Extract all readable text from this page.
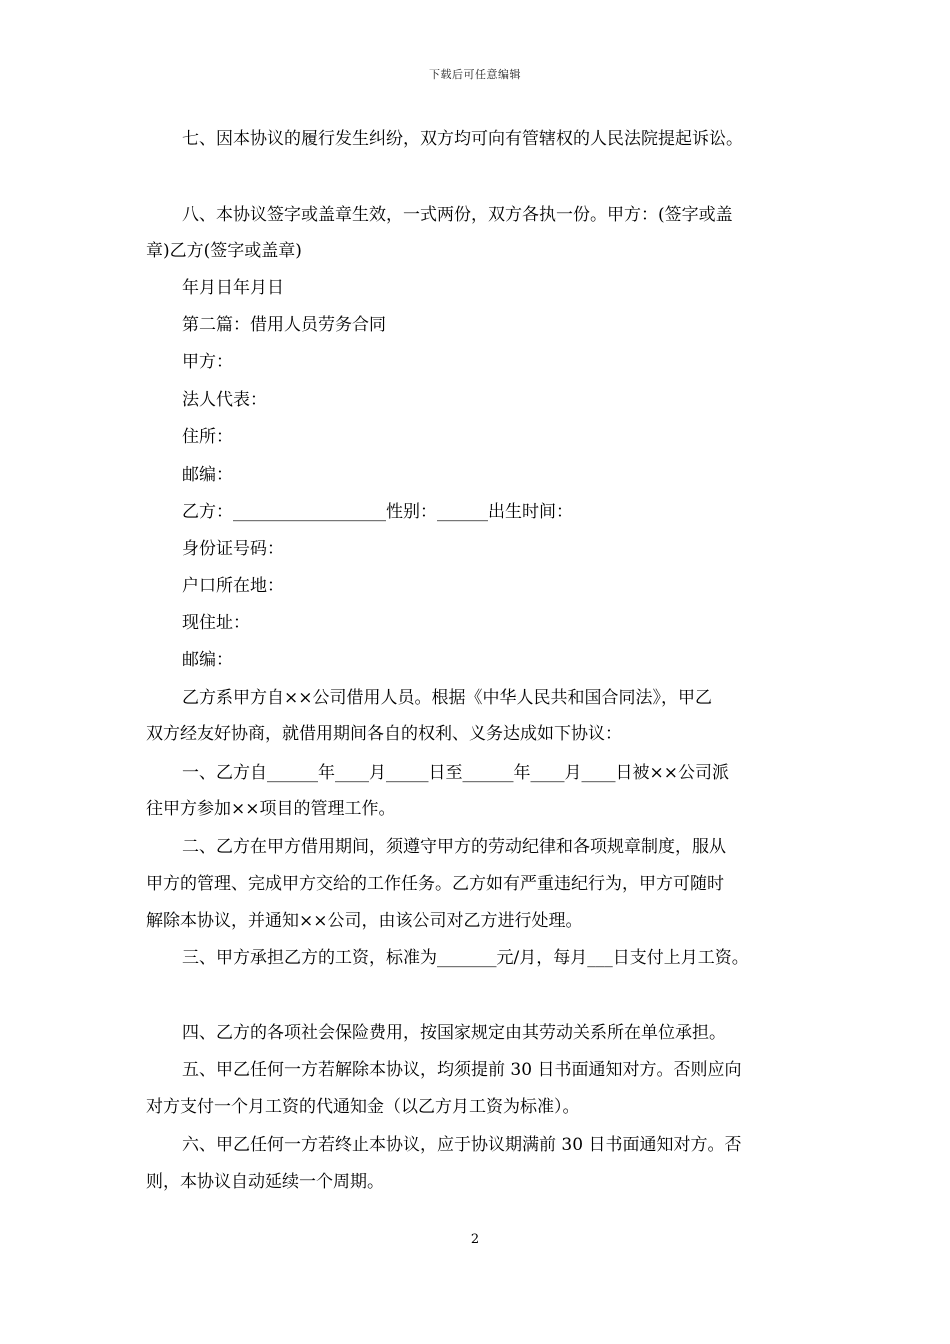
下载后可任意编辑
七、因本协议的履行发生纠纷，双方均可向有管辖权的人民法院提起诉讼。
八、本协议签字或盖章生效，一式两份，双方各执一份。甲方：(签字或盖
章)乙方(签字或盖章)
年月日年月日
第二篇：借用人员劳务合同
甲方：
法人代表：
住所：
邮编：
乙方：__________________性别：______出生时间：
身份证号码：
户口所在地：
现住址：
邮编：
乙方系甲方自××公司借用人员。根据《中华人民共和国合同法》，甲乙
双方经友好协商，就借用期间各自的权利、义务达成如下协议：
一、乙方自______年____月_____日至______年____月____日被××公司派
往甲方参加××项目的管理工作。
二、乙方在甲方借用期间，须遵守甲方的劳动纪律和各项规章制度，服从
甲方的管理、完成甲方交给的工作任务。乙方如有严重违纪行为，甲方可随时
解除本协议，并通知××公司，由该公司对乙方进行处理。
三、甲方承担乙方的工资，标准为_______元/月，每月___日支付上月工资。
四、乙方的各项社会保险费用，按国家规定由其劳动关系所在单位承担。
五、甲乙任何一方若解除本协议，均须提前 30 日书面通知对方。否则应向
对方支付一个月工资的代通知金（以乙方月工资为标准）。
六、甲乙任何一方若终止本协议，应于协议期满前 30 日书面通知对方。否
则，本协议自动延续一个周期。
2
